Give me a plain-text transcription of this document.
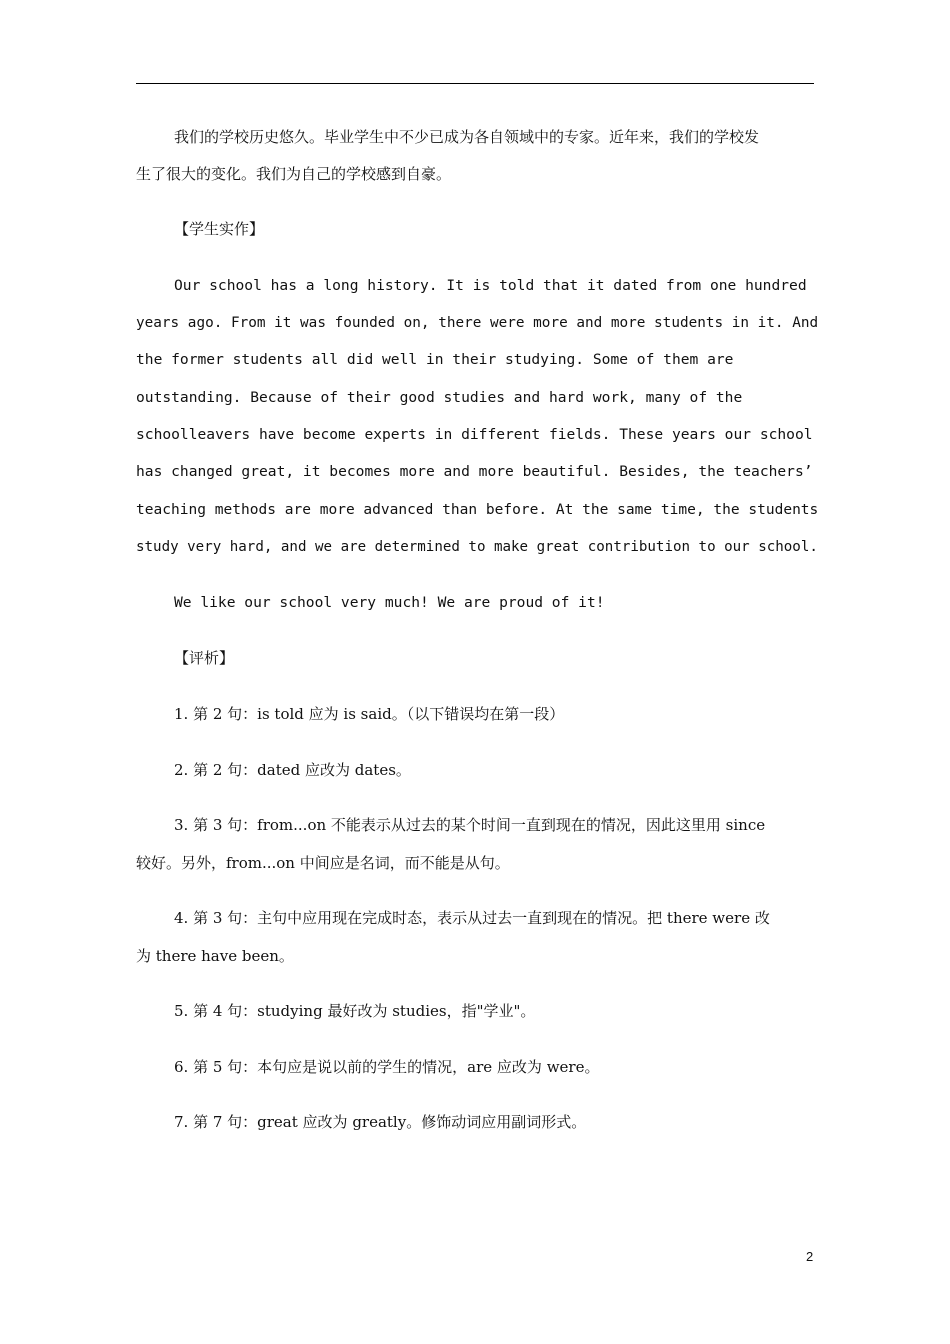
我们的学校历史悠久。毕业学生中不少已成为各自领域中的专家。近年来，我们的学校发
生了很大的变化。我们为自己的学校感到自豪。
【学生实作】
Our school has a long history. It is told that it dated from one hundred
years ago. From it was founded on, there were more and more students in it. And
the former students all did well in their studying. Some of them are
outstanding. Because of their good studies and hard work, many of the
schoolleavers have become experts in different fields. These years our school
has changed great, it becomes more and more beautiful. Besides, the teachers’
teaching methods are more advanced than before. At the same time, the students
study very hard, and we are determined to make great contribution to our school.
We like our school very much! We are proud of it!
【评析】
1. 第 2 句：is told 应为 is said。（以下错误均在第一段）
2. 第 2 句：dated 应改为 dates。
3. 第 3 句：from...on 不能表示从过去的某个时间一直到现在的情况，因此这里用 since
较好。另外，from...on 中间应是名词，而不能是从句。
4. 第 3 句：主句中应用现在完成时态，表示从过去一直到现在的情况。把 there were 改
为 there have been。
5. 第 4 句：studying 最好改为 studies，指"学业"。
6. 第 5 句：本句应是说以前的学生的情况，are 应改为 were。
7. 第 7 句：great 应改为 greatly。修饰动词应用副词形式。
2
